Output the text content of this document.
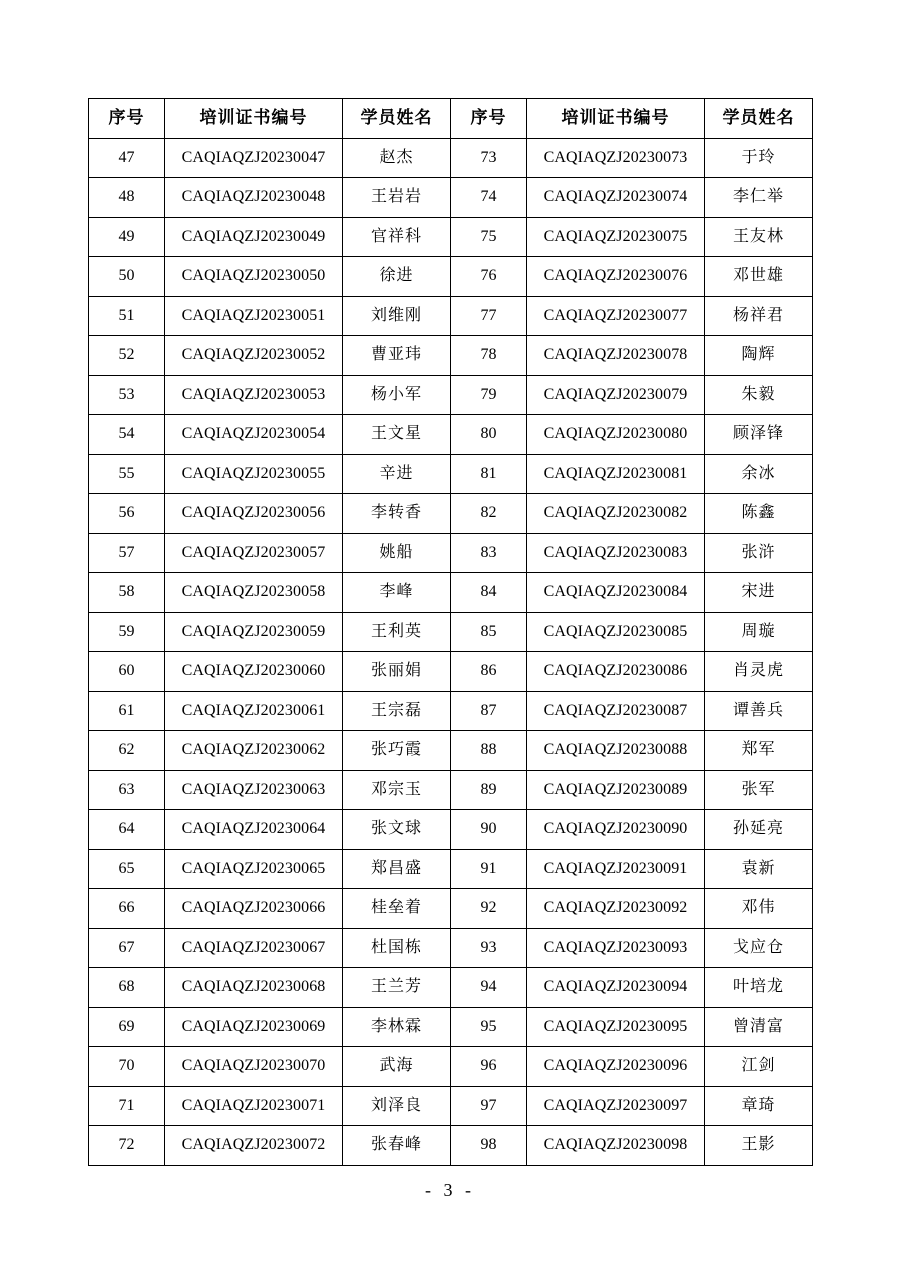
序号	培训证书编号	学员姓名	序号	培训证书编号	学员姓名
47	CAQIAQZJ20230047	赵杰	73	CAQIAQZJ20230073	于玲
48	CAQIAQZJ20230048	王岩岩	74	CAQIAQZJ20230074	李仁举
49	CAQIAQZJ20230049	官祥科	75	CAQIAQZJ20230075	王友林
50	CAQIAQZJ20230050	徐进	76	CAQIAQZJ20230076	邓世雄
51	CAQIAQZJ20230051	刘维刚	77	CAQIAQZJ20230077	杨祥君
52	CAQIAQZJ20230052	曹亚玮	78	CAQIAQZJ20230078	陶辉
53	CAQIAQZJ20230053	杨小军	79	CAQIAQZJ20230079	朱毅
54	CAQIAQZJ20230054	王文星	80	CAQIAQZJ20230080	顾泽锋
55	CAQIAQZJ20230055	辛进	81	CAQIAQZJ20230081	余冰
56	CAQIAQZJ20230056	李转香	82	CAQIAQZJ20230082	陈鑫
57	CAQIAQZJ20230057	姚船	83	CAQIAQZJ20230083	张浒
58	CAQIAQZJ20230058	李峰	84	CAQIAQZJ20230084	宋进
59	CAQIAQZJ20230059	王利英	85	CAQIAQZJ20230085	周璇
60	CAQIAQZJ20230060	张丽娟	86	CAQIAQZJ20230086	肖灵虎
61	CAQIAQZJ20230061	王宗磊	87	CAQIAQZJ20230087	谭善兵
62	CAQIAQZJ20230062	张巧霞	88	CAQIAQZJ20230088	郑军
63	CAQIAQZJ20230063	邓宗玉	89	CAQIAQZJ20230089	张军
64	CAQIAQZJ20230064	张文球	90	CAQIAQZJ20230090	孙延亮
65	CAQIAQZJ20230065	郑昌盛	91	CAQIAQZJ20230091	袁新
66	CAQIAQZJ20230066	桂垒着	92	CAQIAQZJ20230092	邓伟
67	CAQIAQZJ20230067	杜国栋	93	CAQIAQZJ20230093	戈应仓
68	CAQIAQZJ20230068	王兰芳	94	CAQIAQZJ20230094	叶培龙
69	CAQIAQZJ20230069	李林霖	95	CAQIAQZJ20230095	曾清富
70	CAQIAQZJ20230070	武海	96	CAQIAQZJ20230096	江剑
71	CAQIAQZJ20230071	刘泽良	97	CAQIAQZJ20230097	章琦
72	CAQIAQZJ20230072	张春峰	98	CAQIAQZJ20230098	王影
- 3 -
